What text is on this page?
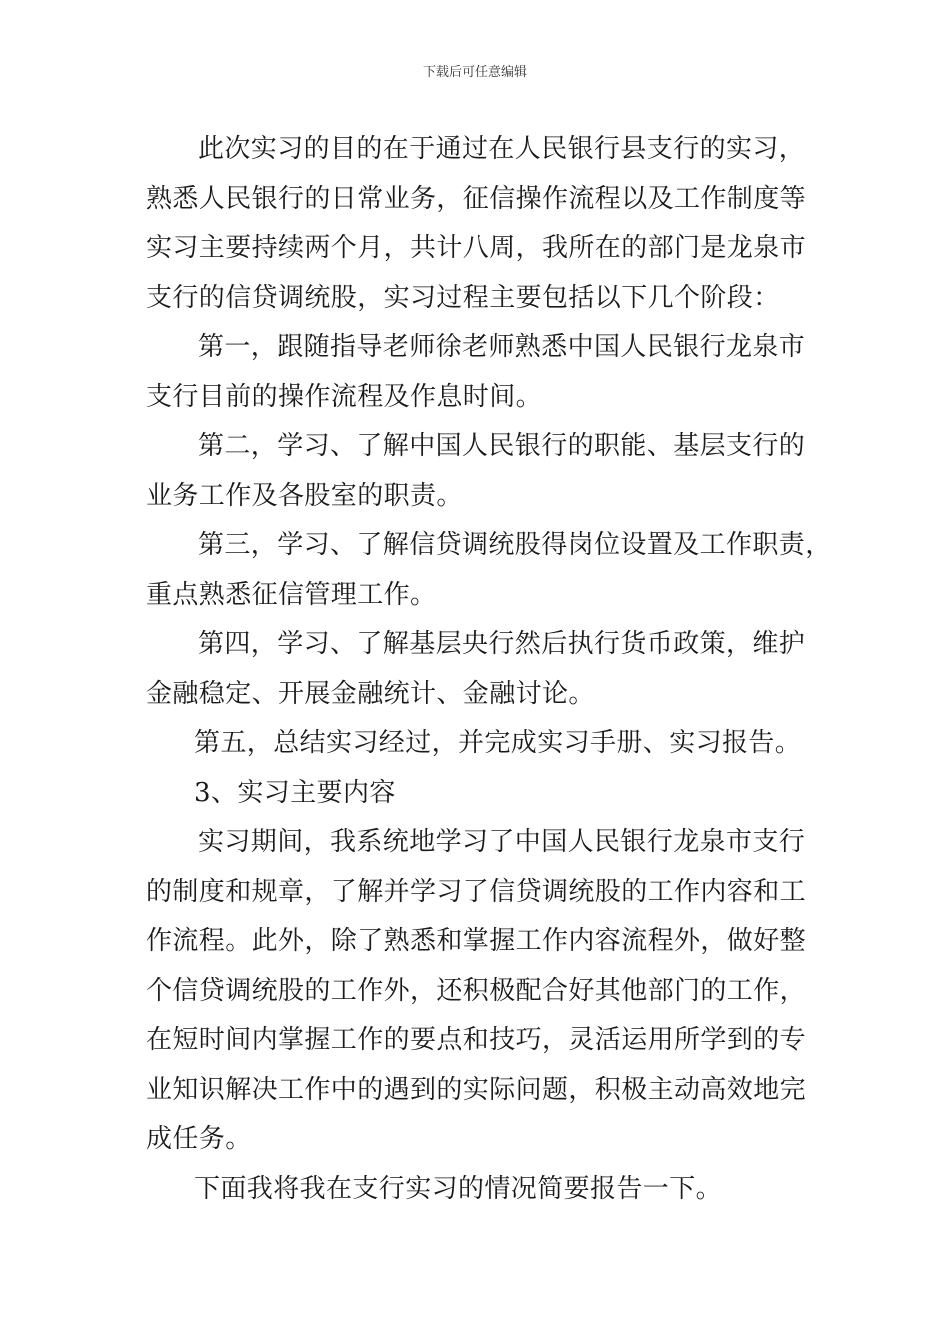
下载后可任意编辑
此次实习的目的在于通过在人民银行县支行的实习，
熟悉人民银行的日常业务，征信操作流程以及工作制度等
实习主要持续两个月，共计八周，我所在的部门是龙泉市
支行的信贷调统股，实习过程主要包括以下几个阶段：
第一，跟随指导老师徐老师熟悉中国人民银行龙泉市
支行目前的操作流程及作息时间。
第二，学习、了解中国人民银行的职能、基层支行的
业务工作及各股室的职责。
第三，学习、了解信贷调统股得岗位设置及工作职责，
重点熟悉征信管理工作。
第四，学习、了解基层央行然后执行货币政策，维护
金融稳定、开展金融统计、金融讨论。
第五，总结实习经过，并完成实习手册、实习报告。
3、实习主要内容
实习期间，我系统地学习了中国人民银行龙泉市支行
的制度和规章，了解并学习了信贷调统股的工作内容和工
作流程。此外，除了熟悉和掌握工作内容流程外，做好整
个信贷调统股的工作外，还积极配合好其他部门的工作，
在短时间内掌握工作的要点和技巧，灵活运用所学到的专
业知识解决工作中的遇到的实际问题，积极主动高效地完
成任务。
下面我将我在支行实习的情况简要报告一下。
